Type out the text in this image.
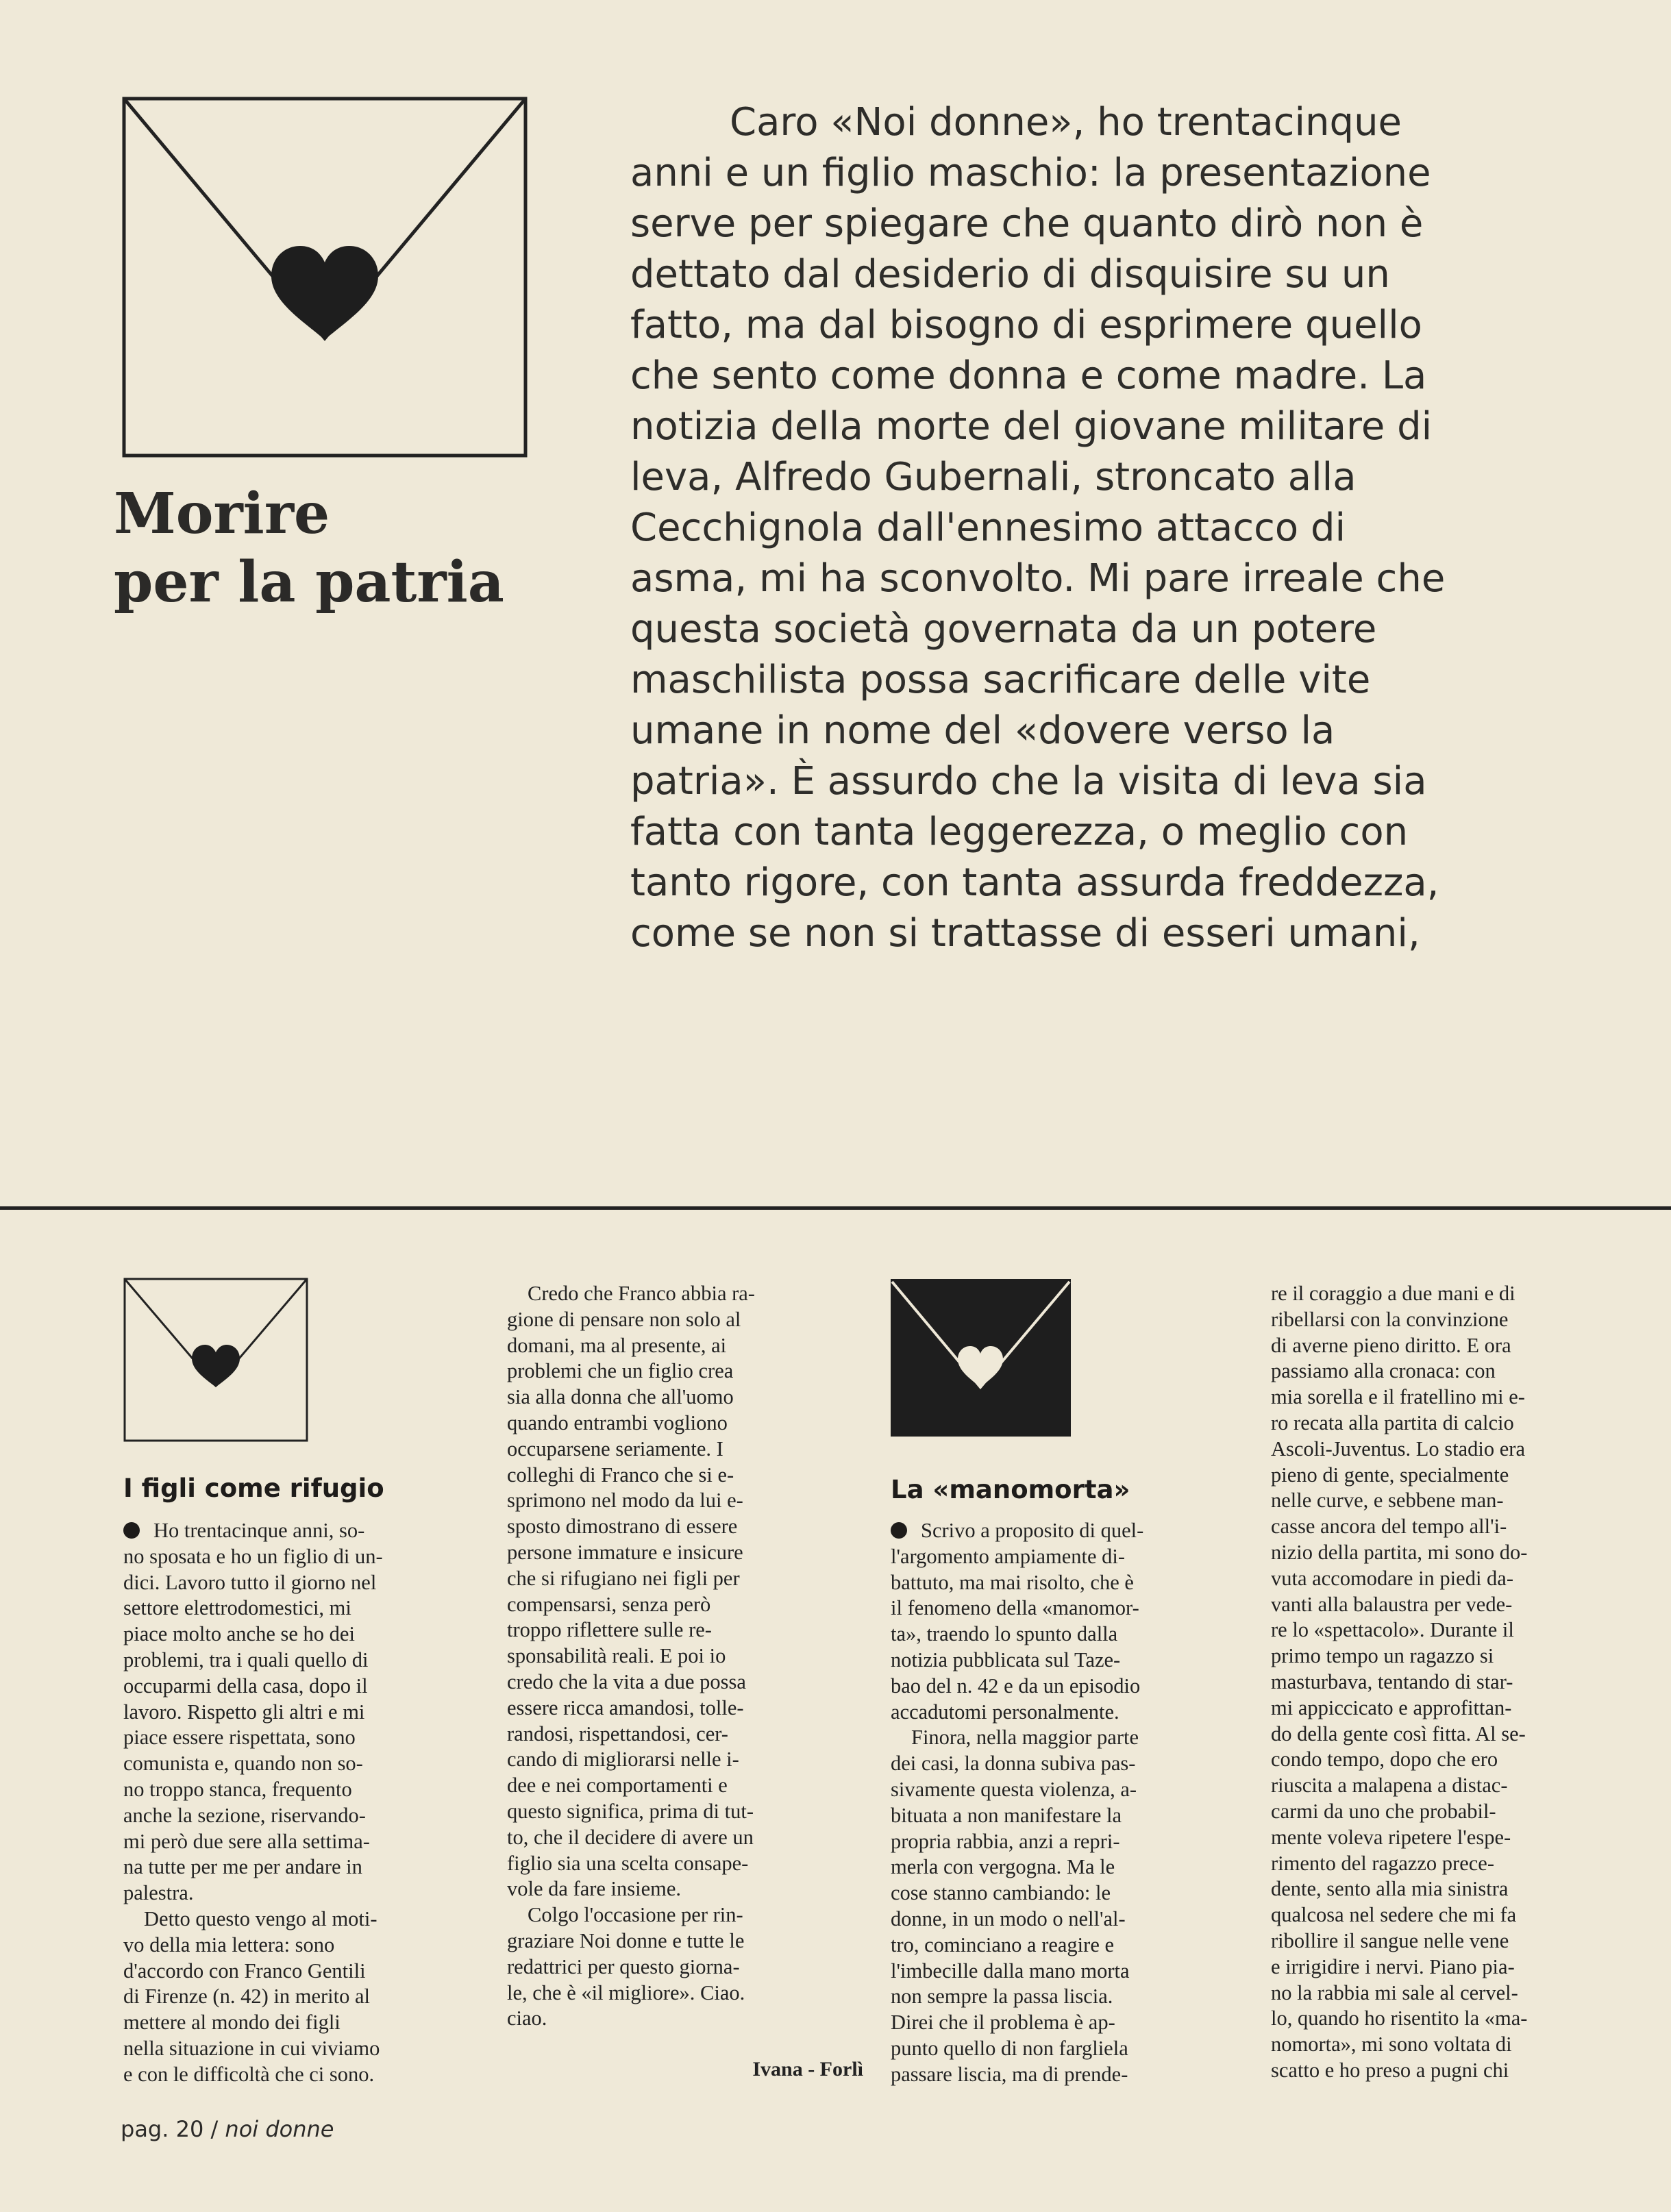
Morire
per la patria
Caro «Noi donne», ho trentacinque
anni e un figlio maschio: la presentazione
serve per spiegare che quanto dirò non è
dettato dal desiderio di disquisire su un
fatto, ma dal bisogno di esprimere quello
che sento come donna e come madre. La
notizia della morte del giovane militare di
leva, Alfredo Gubernali, stroncato alla
Cecchignola dall'ennesimo attacco di
asma, mi ha sconvolto. Mi pare irreale che
questa società governata da un potere
maschilista possa sacrificare delle vite
umane in nome del «dovere verso la
patria». È assurdo che la visita di leva sia
fatta con tanta leggerezza, o meglio con
tanto rigore, con tanta assurda freddezza,
come se non si trattasse di esseri umani,
I figli come rifugio	La «manomorta»
Ho trentacinque anni, so-
no sposata e ho un figlio di un-
dici. Lavoro tutto il giorno nel
settore elettrodomestici, mi
piace molto anche se ho dei
problemi, tra i quali quello di
occuparmi della casa, dopo il
lavoro. Rispetto gli altri e mi
piace essere rispettata, sono
comunista e, quando non so-
no troppo stanca, frequento
anche la sezione, riservando-
mi però due sere alla settima-
na tutte per me per andare in
palestra.
Detto questo vengo al moti-
vo della mia lettera: sono
d'accordo con Franco Gentili
di Firenze (n. 42) in merito al
mettere al mondo dei figli
nella situazione in cui viviamo
e con le difficoltà che ci sono.
Credo che Franco abbia ra-
gione di pensare non solo al
domani, ma al presente, ai
problemi che un figlio crea
sia alla donna che all'uomo
quando entrambi vogliono
occuparsene seriamente. I
colleghi di Franco che si e-
sprimono nel modo da lui e-
sposto dimostrano di essere
persone immature e insicure
che si rifugiano nei figli per
compensarsi, senza però
troppo riflettere sulle re-
sponsabilità reali. E poi io
credo che la vita a due possa
essere ricca amandosi, tolle-
randosi, rispettandosi, cer-
cando di migliorarsi nelle i-
dee e nei comportamenti e
questo significa, prima di tut-
to, che il decidere di avere un
figlio sia una scelta consape-
vole da fare insieme.
Colgo l'occasione per rin-
graziare Noi donne e tutte le
redattrici per questo giorna-
le, che è «il migliore». Ciao.
ciao.
Ivana - Forlì
Scrivo a proposito di quel-
l'argomento ampiamente di-
battuto, ma mai risolto, che è
il fenomeno della «manomor-
ta», traendo lo spunto dalla
notizia pubblicata sul Taze-
bao del n. 42 e da un episodio
accadutomi personalmente.
Finora, nella maggior parte
dei casi, la donna subiva pas-
sivamente questa violenza, a-
bituata a non manifestare la
propria rabbia, anzi a repri-
merla con vergogna. Ma le
cose stanno cambiando: le
donne, in un modo o nell'al-
tro, cominciano a reagire e
l'imbecille dalla mano morta
non sempre la passa liscia.
Direi che il problema è ap-
punto quello di non fargliela
passare liscia, ma di prende-
re il coraggio a due mani e di
ribellarsi con la convinzione
di averne pieno diritto. E ora
passiamo alla cronaca: con
mia sorella e il fratellino mi e-
ro recata alla partita di calcio
Ascoli-Juventus. Lo stadio era
pieno di gente, specialmente
nelle curve, e sebbene man-
casse ancora del tempo all'i-
nizio della partita, mi sono do-
vuta accomodare in piedi da-
vanti alla balaustra per vede-
re lo «spettacolo». Durante il
primo tempo un ragazzo si
masturbava, tentando di star-
mi appiccicato e approfittan-
do della gente così fitta. Al se-
condo tempo, dopo che ero
riuscita a malapena a distac-
carmi da uno che probabil-
mente voleva ripetere l'espe-
rimento del ragazzo prece-
dente, sento alla mia sinistra
qualcosa nel sedere che mi fa
ribollire il sangue nelle vene
e irrigidire i nervi. Piano pia-
no la rabbia mi sale al cervel-
lo, quando ho risentito la «ma-
nomorta», mi sono voltata di
scatto e ho preso a pugni chi
pag. 20 / noi donne
